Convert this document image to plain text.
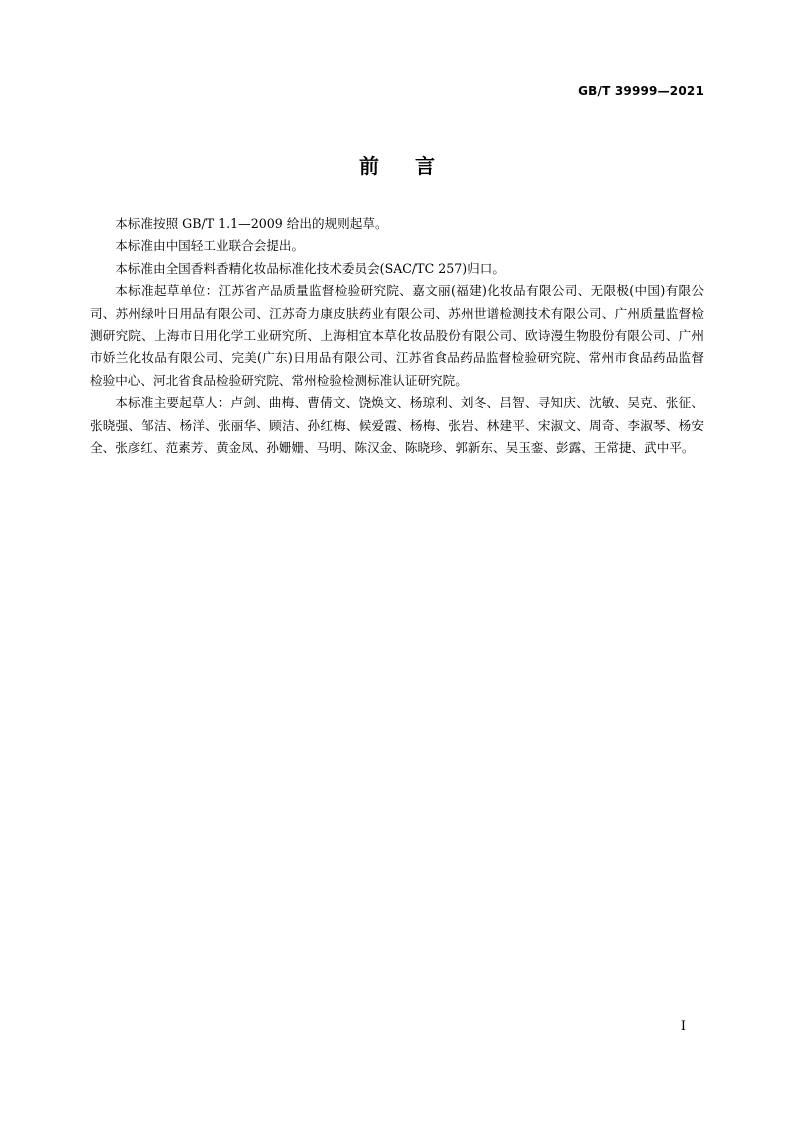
GB/T 39999—2021
前言

本标准按照 GB/T 1.1—2009 给出的规则起草。

本标准由中国轻工业联合会提出。

本标准由全国香料香精化妆品标准化技术委员会(SAC/TC 257)归口。

本标准起草单位：江苏省产品质量监督检验研究院、嘉文丽(福建)化妆品有限公司、无限极(中国)有限公司、苏州绿叶日用品有限公司、江苏奇力康皮肤药业有限公司、苏州世谱检测技术有限公司、广州质量监督检测研究院、上海市日用化学工业研究所、上海相宜本草化妆品股份有限公司、欧诗漫生物股份有限公司、广州市娇兰化妆品有限公司、完美(广东)日用品有限公司、江苏省食品药品监督检验研究院、常州市食品药品监督检验中心、河北省食品检验研究院、常州检验检测标准认证研究院。

本标准主要起草人：卢剑、曲梅、曹倩文、饶焕文、杨琼利、刘冬、吕智、寻知庆、沈敏、吴克、张征、张晓强、邹洁、杨洋、张丽华、顾洁、孙红梅、候爱霞、杨梅、张岩、林建平、宋淑文、周奇、李淑琴、杨安全、张彦红、范素芳、黄金凤、孙姗姗、马明、陈汉金、陈晓珍、郭新东、吴玉銮、彭露、王常捷、武中平。

I
